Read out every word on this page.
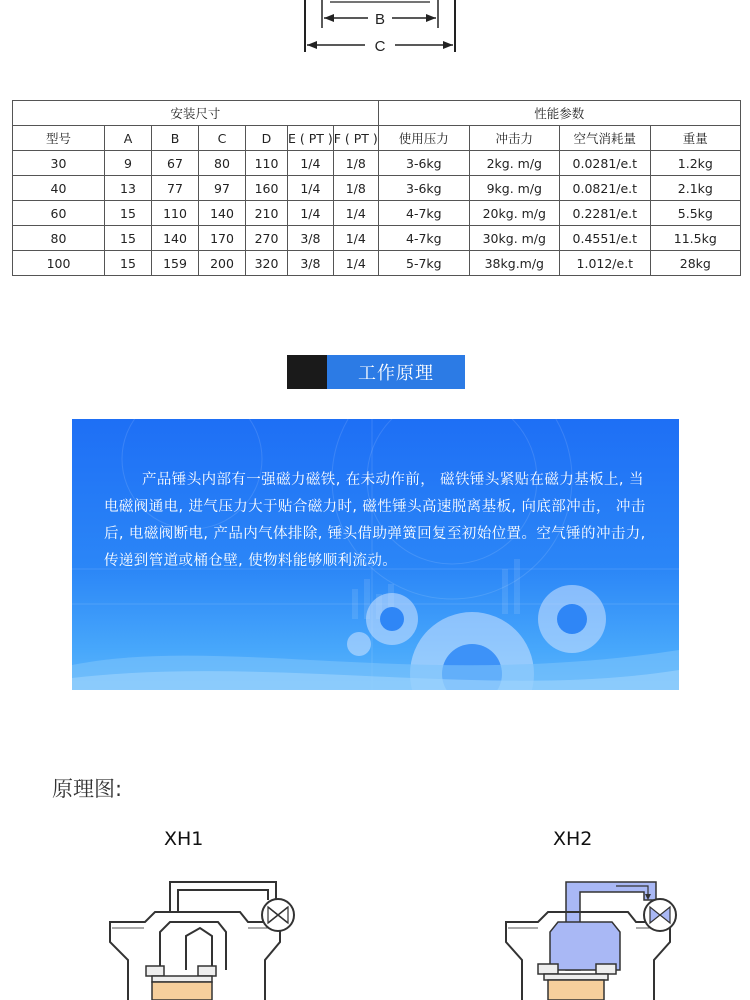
B
C
安装尺寸							性能参数			
型号	A	B	C	D	E ( PT )	F ( PT )	使用压力	冲击力	空气消耗量	重量
30	9	67	80	110	1/4	1/8	3-6kg	2kg. m/g	0.0281/e.t	1.2kg
40	13	77	97	160	1/4	1/8	3-6kg	9kg. m/g	0.0821/e.t	2.1kg
60	15	110	140	210	1/4	1/4	4-7kg	20kg. m/g	0.2281/e.t	5.5kg
80	15	140	170	270	3/8	1/4	4-7kg	30kg. m/g	0.4551/e.t	11.5kg
100	15	159	200	320	3/8	1/4	5-7kg	38kg.m/g	1.012/e.t	28kg
工作原理
产品锤头内部有一强磁力磁铁, 在未动作前， 磁铁锤头紧贴在磁力基板上, 当电磁阀通电, 进气压力大于贴合磁力时, 磁性锤头高速脱离基板, 向底部冲击， 冲击后, 电磁阀断电, 产品内气体排除, 锤头借助弹簧回复至初始位置。空气锤的冲击力, 传递到管道或桶仓壁, 使物料能够顺利流动。
原理图:
XH1	XH2
